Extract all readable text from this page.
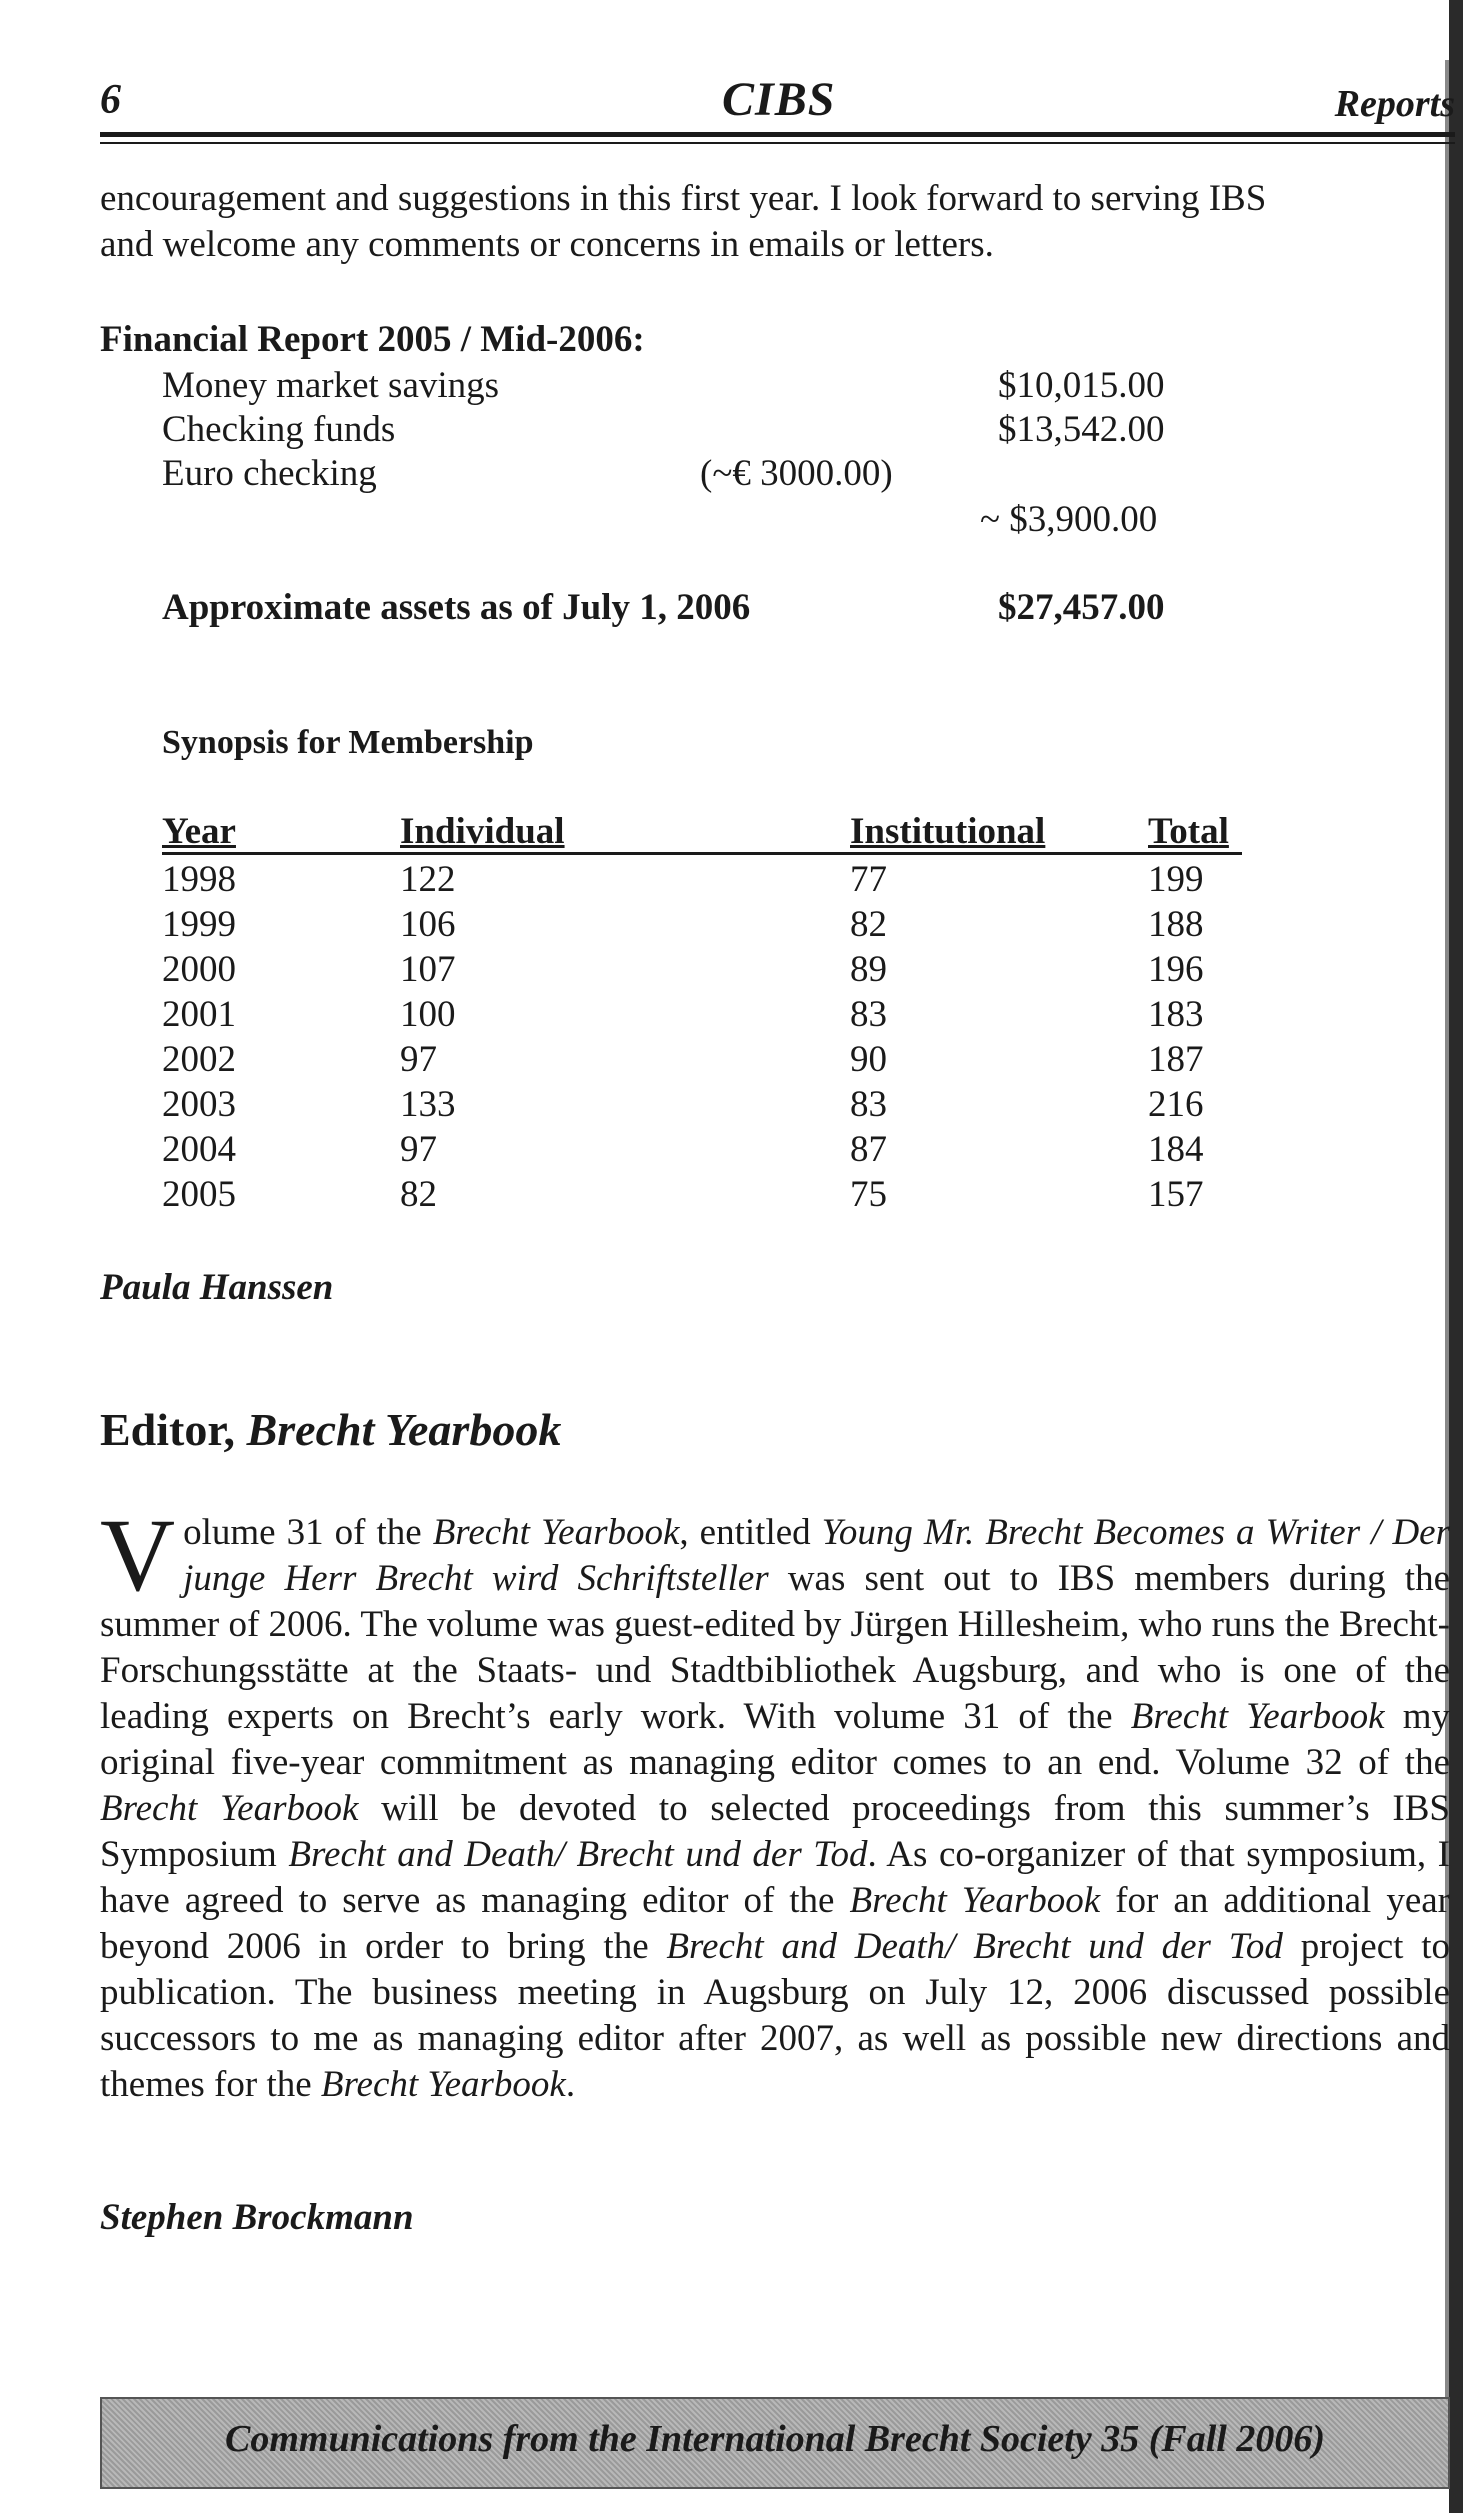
6	CIBS	Reports
encouragement and suggestions in this first year. I look forward to serving IBS
and welcome any comments or concerns in emails or letters.
Financial Report 2005 / Mid-2006:
Money market savings	$10,015.00
Checking funds	$13,542.00
Euro checking	(~€ 3000.00)
~ $3,900.00
Approximate assets as of July 1, 2006	$27,457.00
Synopsis for Membership
Year	Individual	Institutional	Total
1998	122	77	199
1999	106	82	188
2000	107	89	196
2001	100	83	183
2002	97	90	187
2003	133	83	216
2004	97	87	184
2005	82	75	157
Paula Hanssen
Editor, Brecht Yearbook
Volume 31 of the Brecht Yearbook, entitled Young Mr. Brecht Becomes a Writer / Der junge Herr Brecht wird Schriftsteller was sent out to IBS members during the summer of 2006. The volume was guest-edited by Jürgen Hillesheim, who runs the Brecht-Forschungsstätte at the Staats- und Stadtbibliothek Augsburg, and who is one of the leading experts on Brecht’s early work. With volume 31 of the Brecht Yearbook my original five-year commitment as managing editor comes to an end. Volume 32 of the Brecht Yearbook will be devoted to selected proceedings from this summer’s IBS Symposium Brecht and Death/ Brecht und der Tod. As co-organizer of that symposium, I have agreed to serve as managing editor of the Brecht Yearbook for an additional year beyond 2006 in order to bring the Brecht and Death/ Brecht und der Tod project to publication. The business meeting in Augsburg on July 12, 2006 discussed possible successors to me as managing editor after 2007, as well as possible new directions and themes for the Brecht Yearbook.
Stephen Brockmann
Communications from the International Brecht Society 35 (Fall 2006)
